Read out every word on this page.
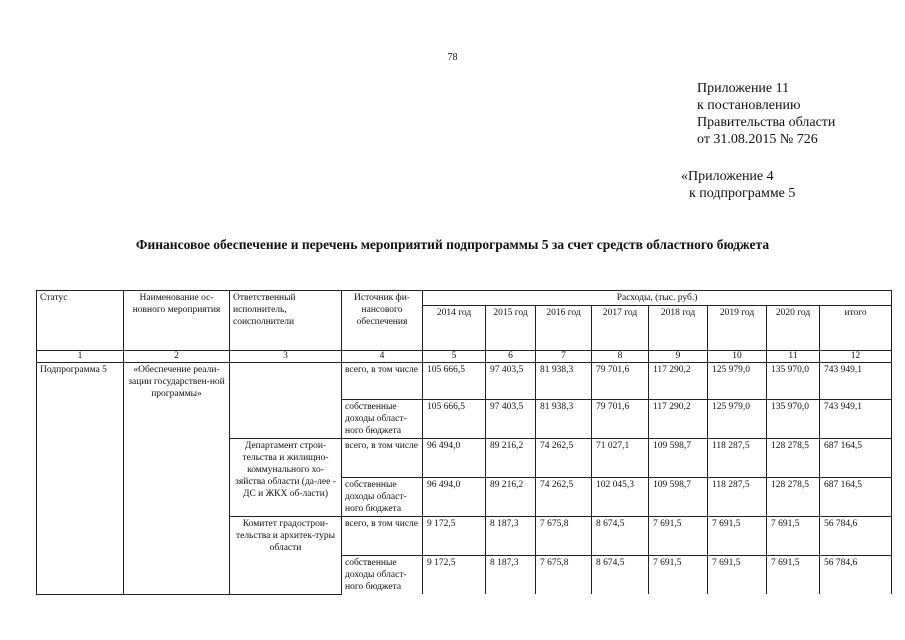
78
Приложение 11
к постановлению
Правительства области
от 31.08.2015 № 726
«Приложение 4
к подпрограмме 5
Финансовое обеспечение и перечень мероприятий подпрограммы 5 за счет средств областного бюджета
Статус	Наименование ос-новного мероприятия	Ответственный исполнитель, соисполнители	Источник фи-нансового обеспечения	Расходы, (тыс. руб.)							
				2014 год	2015 год	2016 год	2017 год	2018 год	2019 год	2020 год	итого
1	2	3	4	5	6	7	8	9	10	11	12
Подпрограмма 5	«Обеспечение реали-зации государствен-ной программы»		всего, в том числе	105 666,5	97 403,5	81 938,3	79 701,6	117 290,2	125 979,0	135 970,0	743 949,1
			собственные доходы област-ного бюджета	105 666,5	97 403,5	81 938,3	79 701,6	117 290,2	125 979,0	135 970,0	743 949,1
		Департамент строи-тельства и жилищно-коммунального хо-зяйства области (да-лее - ДС и ЖКХ об-ласти)	всего, в том числе	96 494,0	89 216,2	74 262,5	71 027,1	109 598,7	118 287,5	128 278,5	687 164,5
			собственные доходы област-ного бюджета	96 494,0	89 216,2	74 262,5	102 045,3	109 598,7	118 287,5	128 278,5	687 164,5
		Комитет градострои-тельства и архитек-туры области	всего, в том числе	9 172,5	8 187,3	7 675,8	8 674,5	7 691,5	7 691,5	7 691,5	56 784,6
			собственные доходы област-ного бюджета	9 172,5	8 187,3	7 675,8	8 674,5	7 691,5	7 691,5	7 691,5	56 784,6
